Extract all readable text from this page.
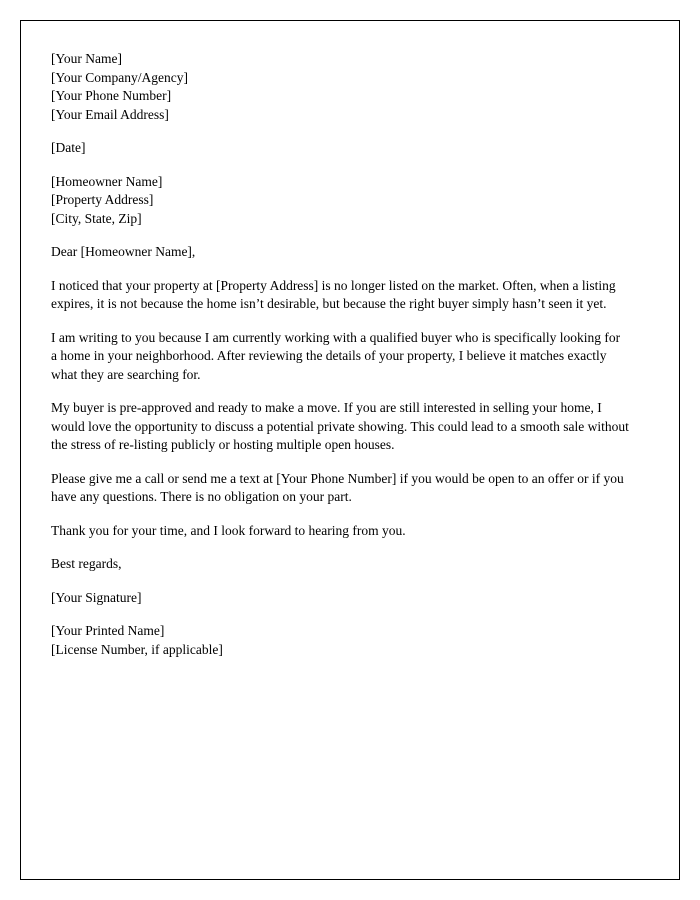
[Your Name]
[Your Company/Agency]
[Your Phone Number]
[Your Email Address]
[Date]
[Homeowner Name]
[Property Address]
[City, State, Zip]

Dear [Homeowner Name],

I noticed that your property at [Property Address] is no longer listed on the market. Often, when a listing expires, it is not because the home isn’t desirable, but because the right buyer simply hasn’t seen it yet.

I am writing to you because I am currently working with a qualified buyer who is specifically looking for a home in your neighborhood. After reviewing the details of your property, I believe it matches exactly what they are searching for.

My buyer is pre-approved and ready to make a move. If you are still interested in selling your home, I would love the opportunity to discuss a potential private showing. This could lead to a smooth sale without the stress of re-listing publicly or hosting multiple open houses.

Please give me a call or send me a text at [Your Phone Number] if you would be open to an offer or if you have any questions. There is no obligation on your part.

Thank you for your time, and I look forward to hearing from you.

Best regards,

[Your Signature]

[Your Printed Name]
[License Number, if applicable]
